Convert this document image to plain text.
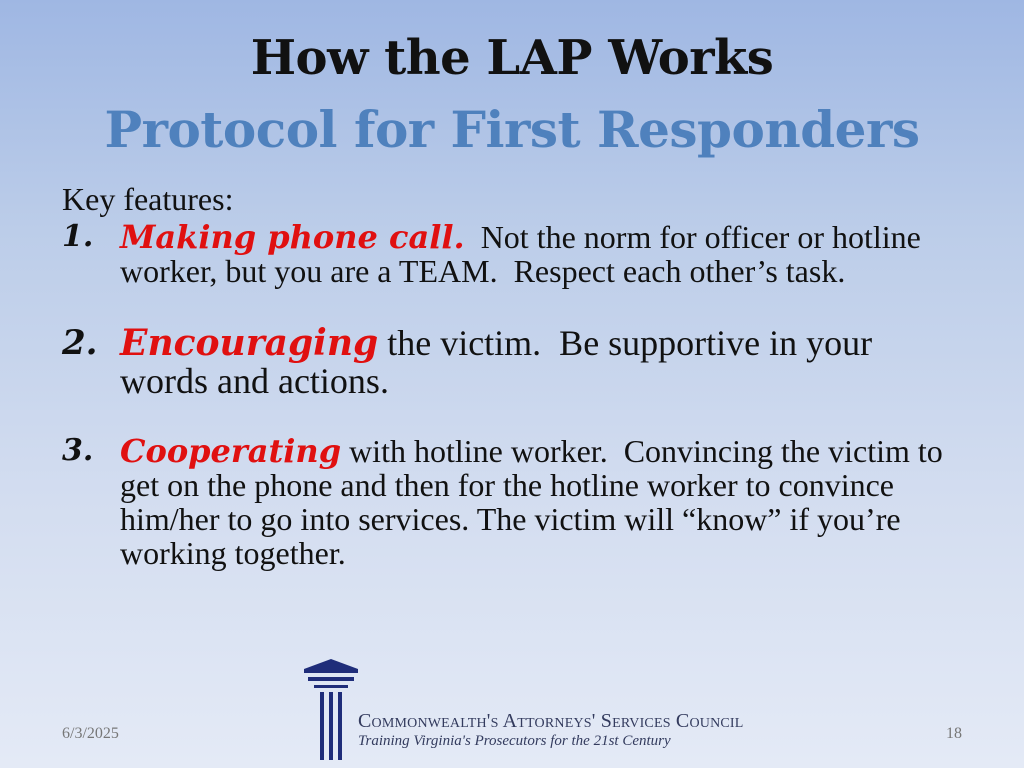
How the LAP Works
Protocol for First Responders
Key features:
1. Making phone call.  Not the norm for officer or hotline worker, but you are a TEAM.  Respect each other’s task.
2. Encouraging the victim.  Be supportive in your words and actions.
3. Cooperating with hotline worker.  Convincing the victim to get on the phone and then for the hotline worker to convince him/her to go into services. The victim will “know” if you’re working together.
6/3/2025	18
Commonwealth's Attorneys' Services Council
Training Virginia's Prosecutors for the 21st Century
